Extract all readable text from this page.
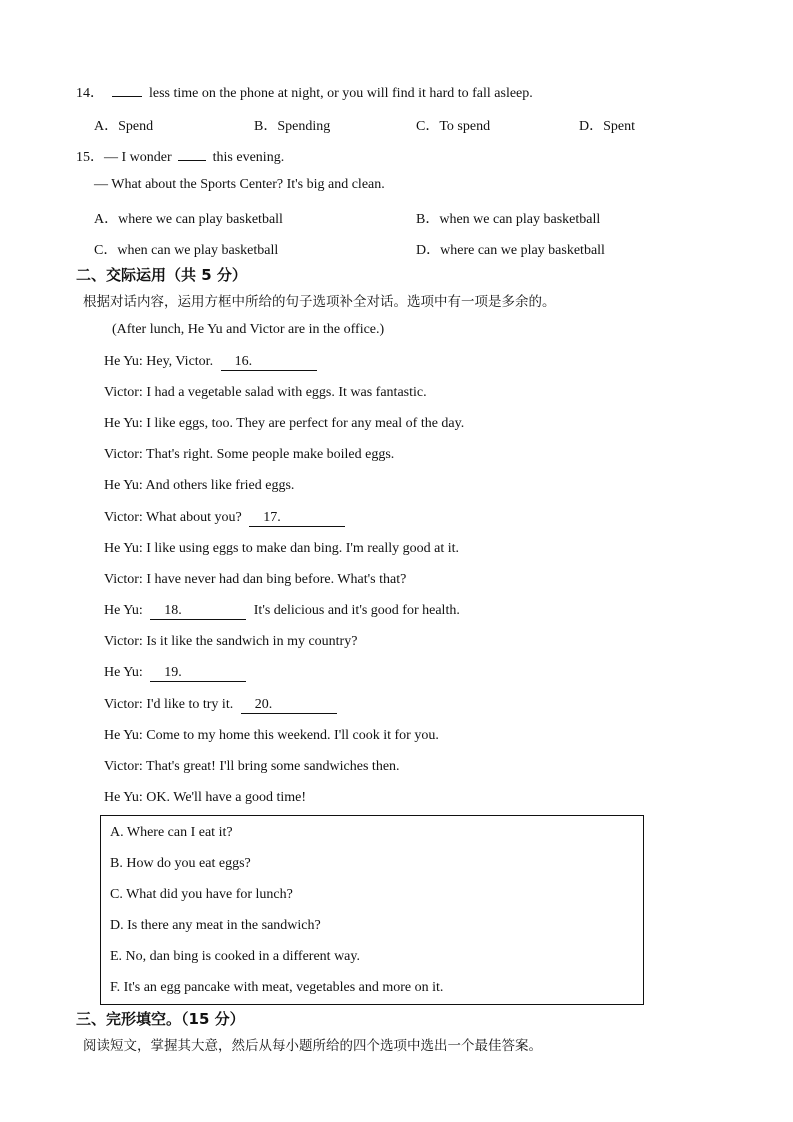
14．	less time on the phone at night, or you will find it hard to fall asleep.
A．Spend	B．Spending	C．To spend	D．Spent
15．— I wonder	this evening.
— What about the Sports Center? It's big and clean.
A．where we can play basketball	B．when we can play basketball
C．when can we play basketball	D．where can we play basketball
二、交际运用（共 5 分）
根据对话内容，运用方框中所给的句子选项补全对话。选项中有一项是多余的。
(After lunch, He Yu and Victor are in the office.)
He Yu: Hey, Victor. 16.
Victor: I had a vegetable salad with eggs. It was fantastic.
He Yu: I like eggs, too. They are perfect for any meal of the day.
Victor: That's right. Some people make boiled eggs.
He Yu: And others like fried eggs.
Victor: What about you? 17.
He Yu: I like using eggs to make dan bing. I'm really good at it.
Victor: I have never had dan bing before. What's that?
He Yu: 18.	It's delicious and it's good for health.
Victor: Is it like the sandwich in my country?
He Yu: 19.
Victor: I'd like to try it. 20.
He Yu: Come to my home this weekend. I'll cook it for you.
Victor: That's great! I'll bring some sandwiches then.
He Yu: OK. We'll have a good time!
A. Where can I eat it?
B. How do you eat eggs?
C. What did you have for lunch?
D. Is there any meat in the sandwich?
E. No, dan bing is cooked in a different way.
F. It's an egg pancake with meat, vegetables and more on it.
三、完形填空。（15 分）
阅读短文，掌握其大意，然后从每小题所给的四个选项中选出一个最佳答案。
